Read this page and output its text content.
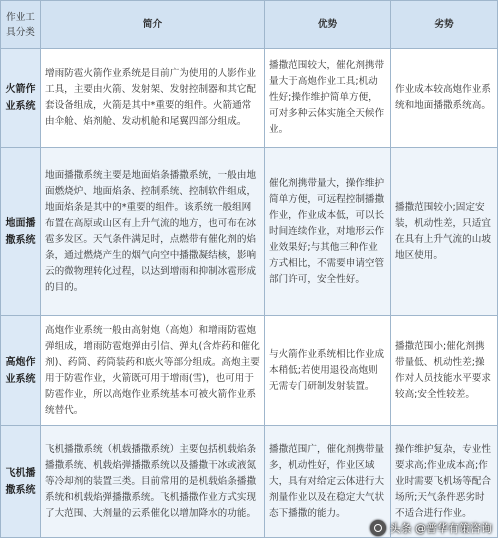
作业工具分类	简介	优势	劣势
火箭作业系统	增雨防雹火箭作业系统是目前广为使用的人影作业工具，主要由火箭、发射架、发射控制器和其它配套设备组成，火箭是其中*重要的组件。火箭通常由伞舱、焰剂舱、发动机舱和尾翼四部分组成。	播撒范围较大，催化剂携带量大于高炮作业工具;机动性好;操作维护简单方便，可对多种云体实施全天候作业。	作业成本较高炮作业系统和地面播撒系统高。
地面播撒系统	地面播撒系统主要是地面焰条播撒系统，一般由地面燃烧炉、地面焰条、控制系统、控制软件组成，地面焰条是其中的*重要的组件。该系统一般组网布置在高原或山区有上升气流的地方，也可布在冰雹多发区。天气条件满足时，点燃带有催化剂的焰条，通过燃烧产生的烟气向空中播撒凝结核，影响云的微物理转化过程，以达到增雨和抑制冰雹形成的目的。	催化剂携带量大，操作维护简单方便，可远程控制播撒作业，作业成本低，可以长时间连续作业，对地形云作业效果好;与其他三种作业方式相比，不需要申请空管部门许可，安全性好。	播撒范围较小;固定安装，机动性差，只适宜在具有上升气流的山坡地区使用。
高炮作业系统	高炮作业系统一般由高射炮（高炮）和增雨防雹炮弹组成，增雨防雹炮弹由引信、弹丸(含炸药和催化剂)、药筒、药筒装药和底火等部分组成。高炮主要用于防雹作业，火箭既可用于增雨(雪)，也可用于防雹作业，所以高炮作业系统基本可被火箭作业系统替代。	与火箭作业系统相比作业成本稍低;若使用退役高炮则无需专门研制发射装置。	播撒范围小;催化剂携带量低、机动性差;操作对人员技能水平要求较高;安全性较差。
飞机播撒系统	飞机播撒系统（机载播撒系统）主要包括机载焰条播撒系统、机载焰弹播撒系统以及播撒干冰或液氮等冷却剂的装置三类。目前常用的是机载焰条播撒系统和机载焰弹播撒系统。飞机播撒作业方式实现了大范围、大剂量的云系催化以增加降水的功能。	播撒范围广，催化剂携带量多，机动性好，作业区域大，具有对给定云体进行大剂量作业以及在稳定大气状态下播撒的能力。	操作维护复杂，专业性要求高;作业成本高;作业时需要飞机场等配合场所;天气条件恶劣时不适合进行作业。
头条 @普华有策咨询
